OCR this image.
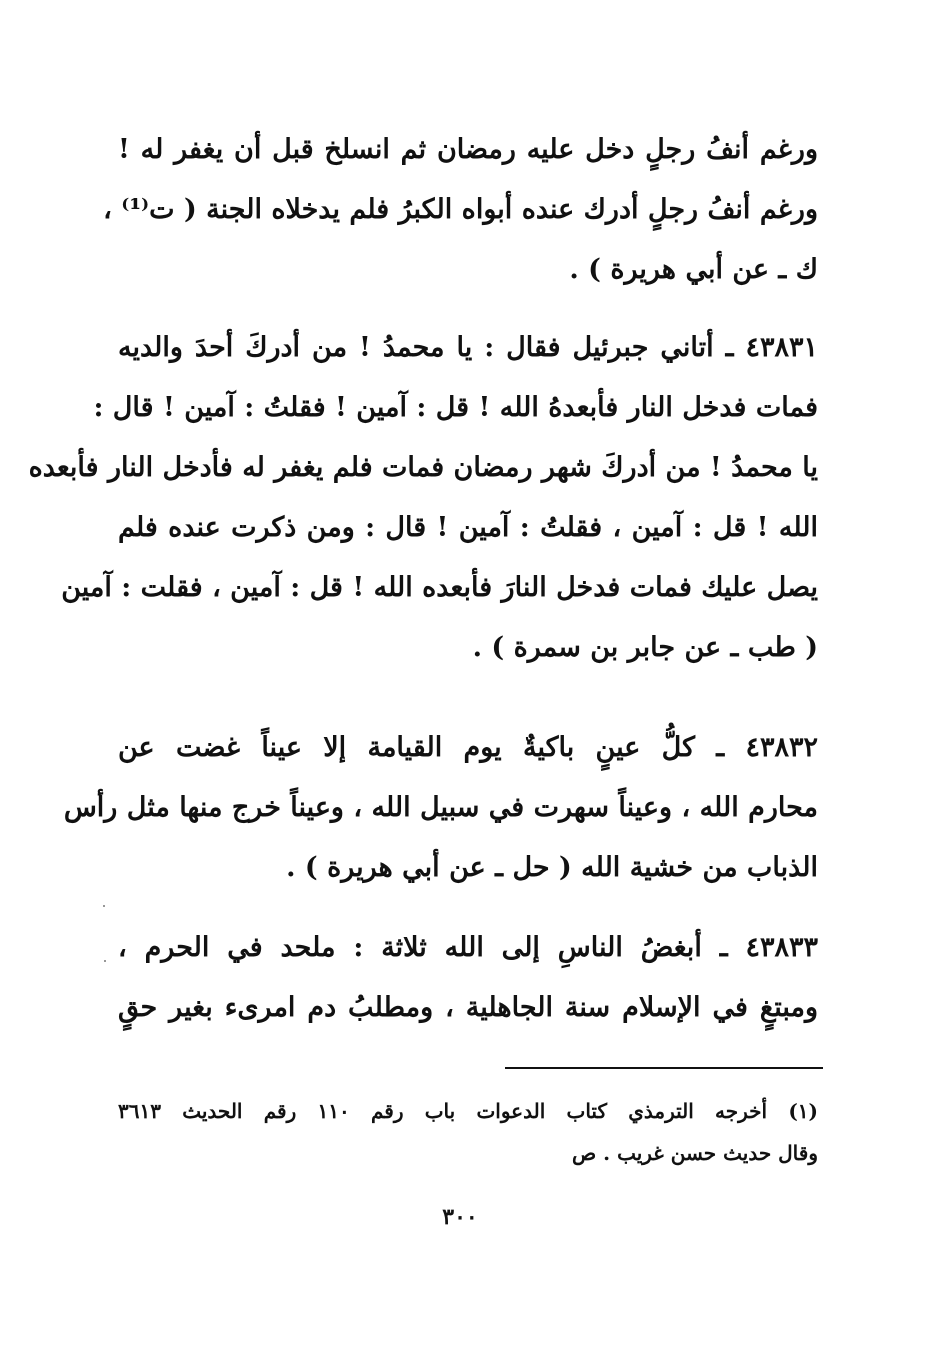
ورغم أنفُ رجلٍ دخل عليه رمضان ثم انسلخ قبل أن يغفر له !
ورغم أنفُ رجلٍ أدرك عنده أبواه الكبرُ فلم يدخلاه الجنة ( ت⁽¹⁾ ،
ك ـ عن أبي هريرة ) .
٤٣٨٣١ ـ أتاني جبرئيل فقال : يا محمدُ ! من أدركَ أحدَ والديه
فمات فدخل النار فأبعدهُ الله ! قل : آمين ! فقلتُ : آمين ! قال :
يا محمدُ ! من أدركَ شهر رمضان فمات فلم يغفر له فأدخل النار فأبعده
الله ! قل : آمين ، فقلتُ : آمين ! قال : ومن ذكرت عنده فلم
يصل عليك فمات فدخل النارَ فأبعده الله ! قل : آمين ، فقلت : آمين
( طب ـ عن جابر بن سمرة ) .
٤٣٨٣٢ ـ كلُّ عينٍ باكيةٌ يوم القيامة إلا عيناً غضت عن
محارم الله ، وعيناً سهرت في سبيل الله ، وعيناً خرج منها مثل رأس
الذباب من خشية الله ( حل ـ عن أبي هريرة ) .
٤٣٨٣٣ ـ أبغضُ الناسِ إلى الله ثلاثة : ملحد في الحرم ،
ومبتغٍ في الإسلام سنة الجاهلية ، ومطلبُ دم امرىء بغير حقٍ
(١) أخرجه الترمذي كتاب الدعوات باب رقم ١١٠ رقم الحديث ٣٦١٣
وقال حديث حسن غريب . ص
٣٠٠
